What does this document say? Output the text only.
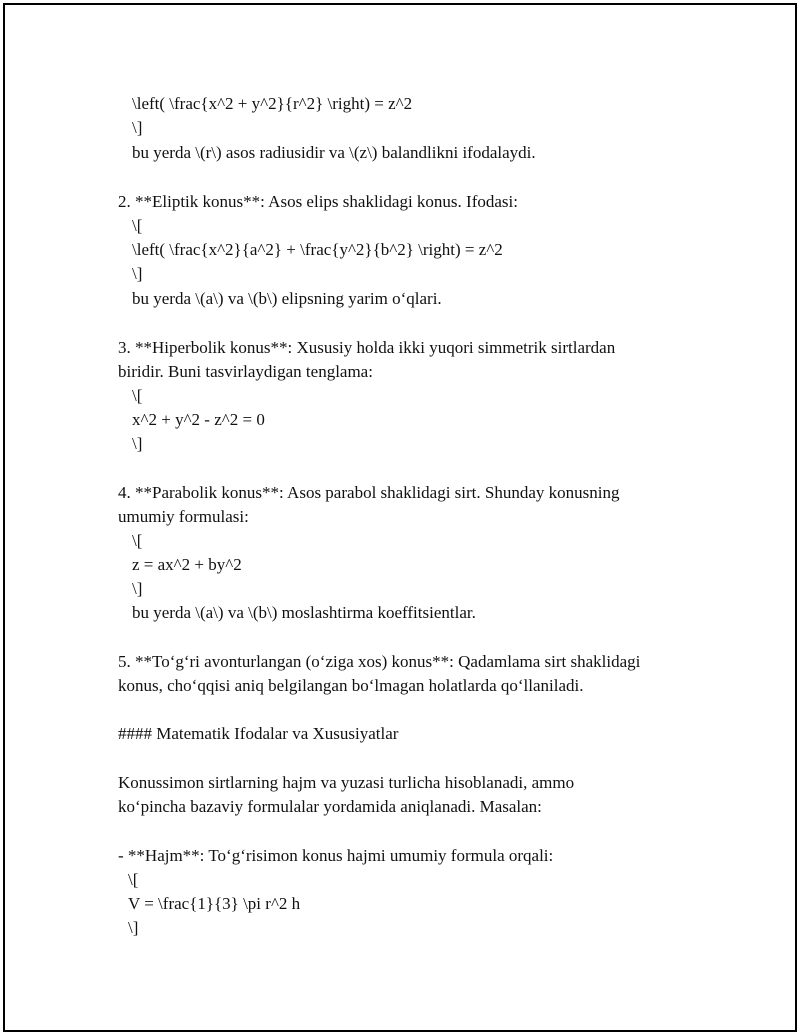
\left( \frac{x^2 + y^2}{r^2} \right) = z^2
\]
bu yerda \(r\) asos radiusidir va \(z\) balandlikni ifodalaydi.
2. **Eliptik konus**: Asos elips shaklidagi konus. Ifodasi:
\[
\left( \frac{x^2}{a^2} + \frac{y^2}{b^2} \right) = z^2
\]
bu yerda \(a\) va \(b\) elipsning yarim o‘qlari.
3. **Hiperbolik konus**: Xususiy holda ikki yuqori simmetrik sirtlardan
biridir. Buni tasvirlaydigan tenglama:
\[
x^2 + y^2 - z^2 = 0
\]
4. **Parabolik konus**: Asos parabol shaklidagi sirt. Shunday konusning
umumiy formulasi:
\[
z = ax^2 + by^2
\]
bu yerda \(a\) va \(b\) moslashtirma koeffitsientlar.
5. **To‘g‘ri avonturlangan (o‘ziga xos) konus**: Qadamlama sirt shaklidagi
konus, cho‘qqisi aniq belgilangan bo‘lmagan holatlarda qo‘llaniladi.
#### Matematik Ifodalar va Xususiyatlar
Konussimon sirtlarning hajm va yuzasi turlicha hisoblanadi, ammo
ko‘pincha bazaviy formulalar yordamida aniqlanadi. Masalan:
- **Hajm**: To‘g‘risimon konus hajmi umumiy formula orqali:
\[
V = \frac{1}{3} \pi r^2 h
\]
